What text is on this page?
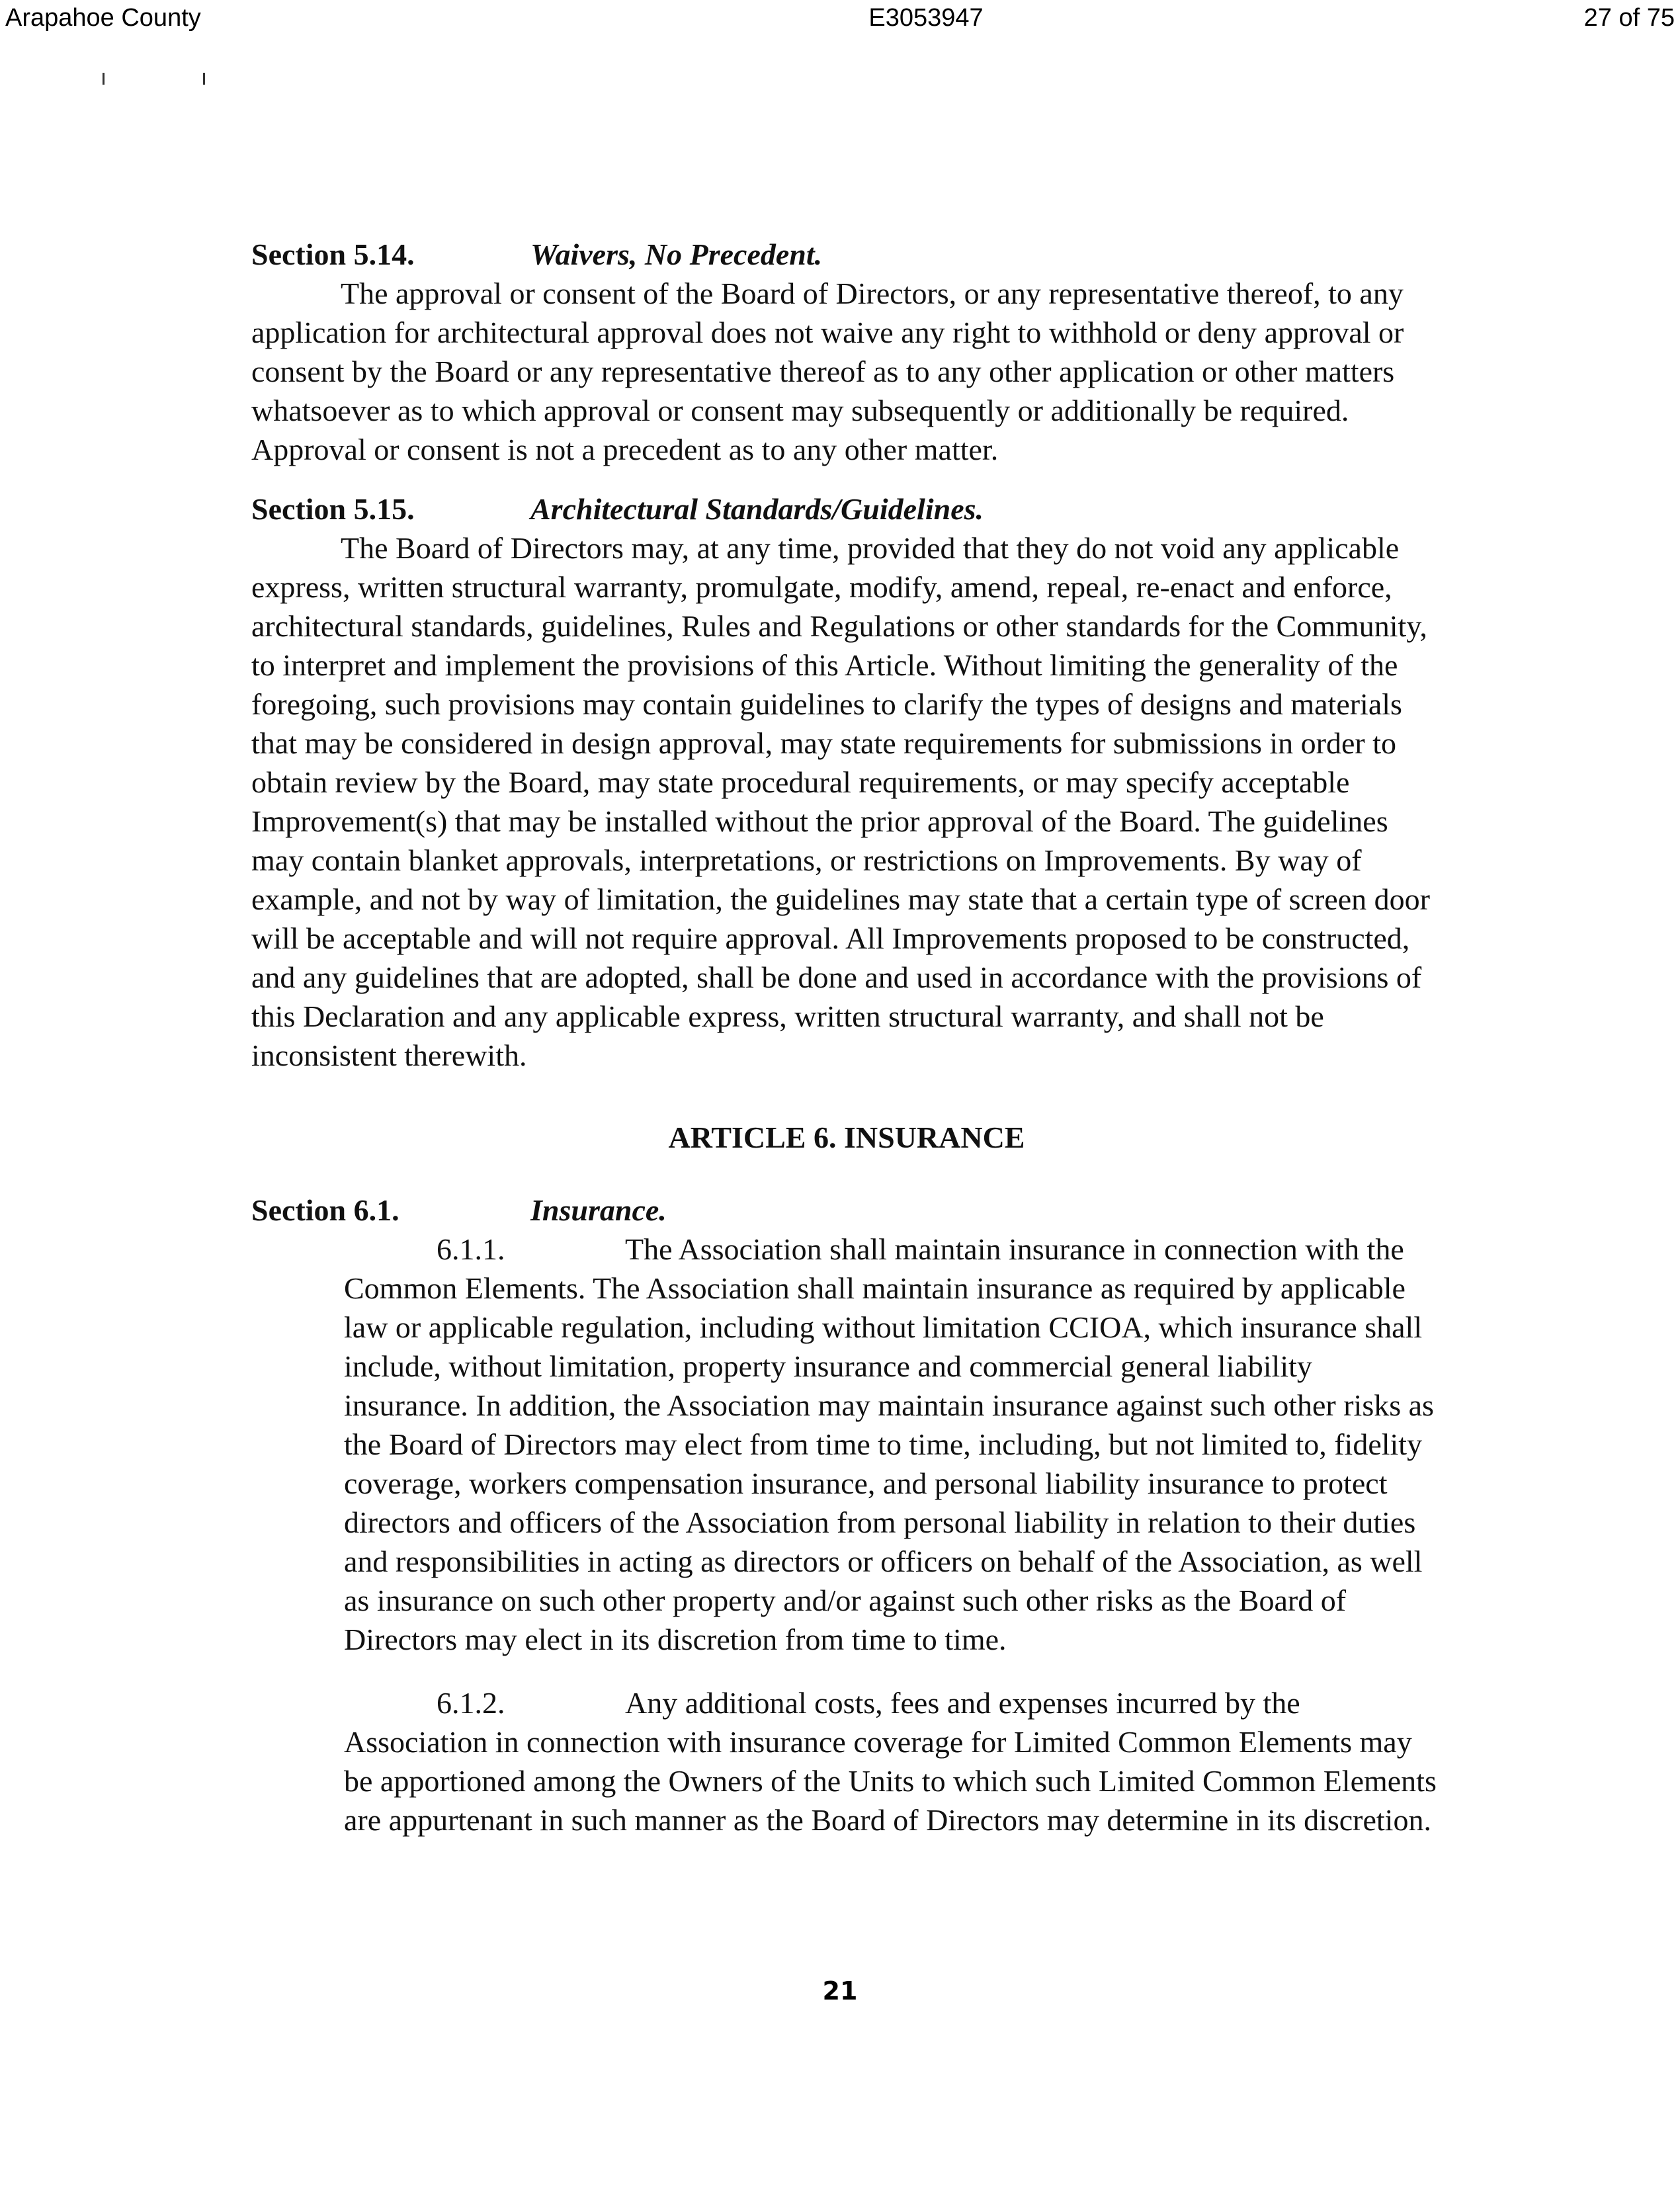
Arapahoe County	E3053947	27 of 75
Section 5.14.	Waivers, No Precedent.

The approval or consent of the Board of Directors, or any representative thereof, to any application for architectural approval does not waive any right to withhold or deny approval or consent by the Board or any representative thereof as to any other application or other matters whatsoever as to which approval or consent may subsequently or additionally be required. Approval or consent is not a precedent as to any other matter.

Section 5.15.	Architectural Standards/Guidelines.

The Board of Directors may, at any time, provided that they do not void any applicable express, written structural warranty, promulgate, modify, amend, repeal, re-enact and enforce, architectural standards, guidelines, Rules and Regulations or other standards for the Community, to interpret and implement the provisions of this Article. Without limiting the generality of the foregoing, such provisions may contain guidelines to clarify the types of designs and materials that may be considered in design approval, may state requirements for submissions in order to obtain review by the Board, may state procedural requirements, or may specify acceptable Improvement(s) that may be installed without the prior approval of the Board. The guidelines may contain blanket approvals, interpretations, or restrictions on Improvements. By way of example, and not by way of limitation, the guidelines may state that a certain type of screen door will be acceptable and will not require approval. All Improvements proposed to be constructed, and any guidelines that are adopted, shall be done and used in accordance with the provisions of this Declaration and any applicable express, written structural warranty, and shall not be inconsistent therewith.

ARTICLE 6. INSURANCE
Section 6.1.	Insurance.

6.1.1.	The Association shall maintain insurance in connection with the Common Elements. The Association shall maintain insurance as required by applicable law or applicable regulation, including without limitation CCIOA, which insurance shall include, without limitation, property insurance and commercial general liability insurance. In addition, the Association may maintain insurance against such other risks as the Board of Directors may elect from time to time, including, but not limited to, fidelity coverage, workers compensation insurance, and personal liability insurance to protect directors and officers of the Association from personal liability in relation to their duties and responsibilities in acting as directors or officers on behalf of the Association, as well as insurance on such other property and/or against such other risks as the Board of Directors may elect in its discretion from time to time.

6.1.2.	Any additional costs, fees and expenses incurred by the Association in connection with insurance coverage for Limited Common Elements may be apportioned among the Owners of the Units to which such Limited Common Elements are appurtenant in such manner as the Board of Directors may determine in its discretion.

21
